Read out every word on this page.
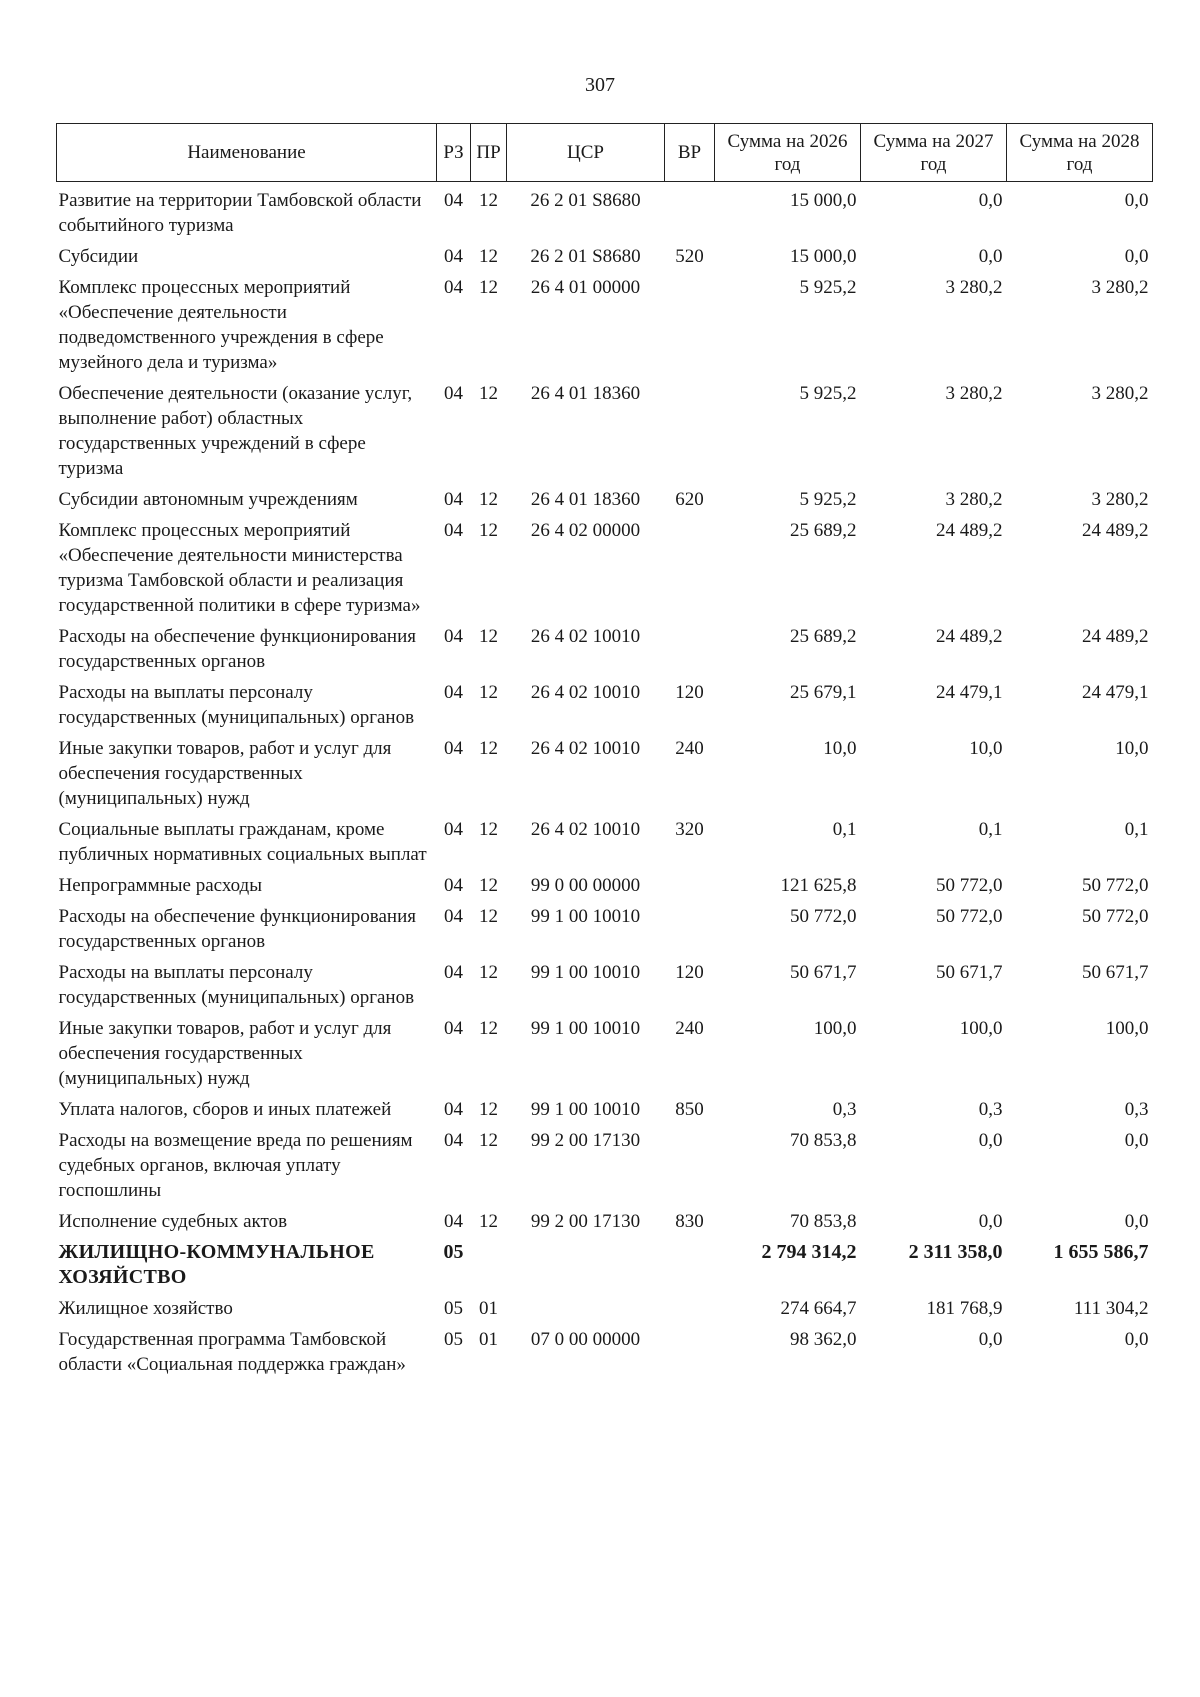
307
Наименование	РЗ	ПР	ЦСР	ВР	Сумма на 2026 год	Сумма на 2027 год	Сумма на 2028 год
Развитие на территории Тамбовской области событийного туризма	04	12	26 2 01 S8680		15 000,0	0,0	0,0
Субсидии	04	12	26 2 01 S8680	520	15 000,0	0,0	0,0
Комплекс процессных мероприятий «Обеспечение деятельности подведомственного учреждения в сфере музейного дела и туризма»	04	12	26 4 01 00000		5 925,2	3 280,2	3 280,2
Обеспечение деятельности (оказание услуг, выполнение работ) областных государственных учреждений в сфере туризма	04	12	26 4 01 18360		5 925,2	3 280,2	3 280,2
Субсидии автономным учреждениям	04	12	26 4 01 18360	620	5 925,2	3 280,2	3 280,2
Комплекс процессных мероприятий «Обеспечение деятельности министерства туризма Тамбовской области и реализация государственной политики в сфере туризма»	04	12	26 4 02 00000		25 689,2	24 489,2	24 489,2
Расходы на обеспечение функционирования государственных органов	04	12	26 4 02 10010		25 689,2	24 489,2	24 489,2
Расходы на выплаты персоналу государственных (муниципальных) органов	04	12	26 4 02 10010	120	25 679,1	24 479,1	24 479,1
Иные закупки товаров, работ и услуг для обеспечения государственных (муниципальных) нужд	04	12	26 4 02 10010	240	10,0	10,0	10,0
Социальные выплаты гражданам, кроме публичных нормативных социальных выплат	04	12	26 4 02 10010	320	0,1	0,1	0,1
Непрограммные расходы	04	12	99 0 00 00000		121 625,8	50 772,0	50 772,0
Расходы на обеспечение функционирования государственных органов	04	12	99 1 00 10010		50 772,0	50 772,0	50 772,0
Расходы на выплаты персоналу государственных (муниципальных) органов	04	12	99 1 00 10010	120	50 671,7	50 671,7	50 671,7
Иные закупки товаров, работ и услуг для обеспечения государственных (муниципальных) нужд	04	12	99 1 00 10010	240	100,0	100,0	100,0
Уплата налогов, сборов и иных платежей	04	12	99 1 00 10010	850	0,3	0,3	0,3
Расходы на возмещение вреда по решениям судебных органов, включая уплату госпошлины	04	12	99 2 00 17130		70 853,8	0,0	0,0
Исполнение судебных актов	04	12	99 2 00 17130	830	70 853,8	0,0	0,0
ЖИЛИЩНО-КОММУНАЛЬНОЕ ХОЗЯЙСТВО	05				2 794 314,2	2 311 358,0	1 655 586,7
Жилищное хозяйство	05	01			274 664,7	181 768,9	111 304,2
Государственная программа Тамбовской области «Социальная поддержка граждан»	05	01	07 0 00 00000		98 362,0	0,0	0,0
